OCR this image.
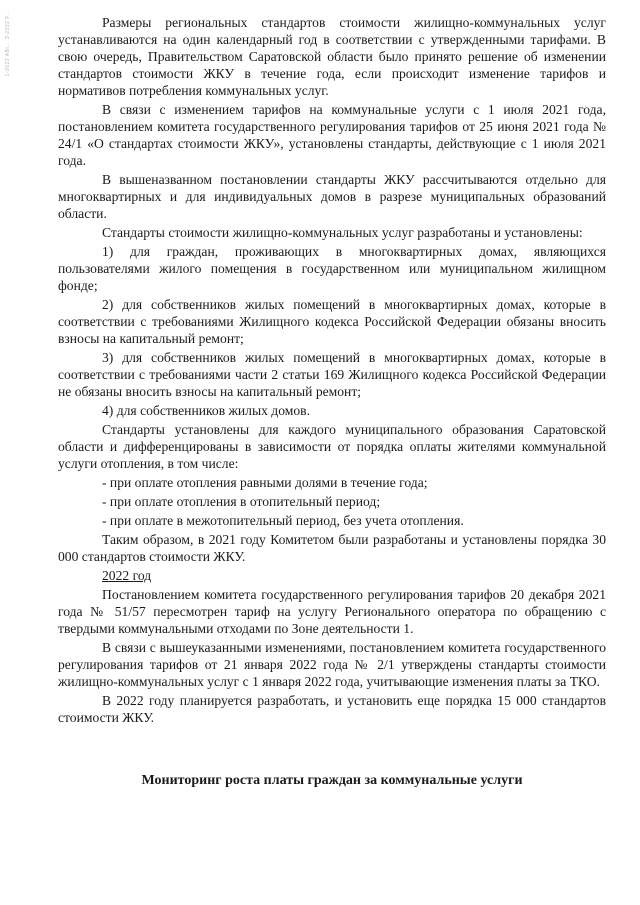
1-2022 ABI... 3-2022 F...	Размеры региональных стандартов стоимости жилищно-коммунальных услуг устанавливаются на один календарный год в соответствии с утвержденными тарифами. В свою очередь, Правительством Саратовской области было принято решение об изменении стандартов стоимости ЖКУ в течение года, если происходит изменение тарифов и нормативов потребления коммунальных услуг.

В связи с изменением тарифов на коммунальные услуги с 1 июля 2021 года, постановлением комитета государственного регулирования тарифов от 25 июня 2021 года № 24/1 «О стандартах стоимости ЖКУ», установлены стандарты, действующие с 1 июля 2021 года.

В вышеназванном постановлении стандарты ЖКУ рассчитываются отдельно для многоквартирных и для индивидуальных домов в разрезе муниципальных образований области.

Стандарты стоимости жилищно-коммунальных услуг разработаны и установлены:

1) для граждан, проживающих в многоквартирных домах, являющихся пользователями жилого помещения в государственном или муниципальном жилищном фонде;

2) для собственников жилых помещений в многоквартирных домах, которые в соответствии с требованиями Жилищного кодекса Российской Федерации обязаны вносить взносы на капитальный ремонт;

3) для собственников жилых помещений в многоквартирных домах, которые в соответствии с требованиями части 2 статьи 169 Жилищного кодекса Российской Федерации не обязаны вносить взносы на капитальный ремонт;

4) для собственников жилых домов.

Стандарты установлены для каждого муниципального образования Саратовской области и дифференцированы в зависимости от порядка оплаты жителями коммунальной услуги отопления, в том числе:

- при оплате отопления равными долями в течение года;

- при оплате отопления в отопительный период;

- при оплате в межотопительный период, без учета отопления.

Таким образом, в 2021 году Комитетом были разработаны и установлены порядка 30 000 стандартов стоимости ЖКУ.

2022 год

Постановлением комитета государственного регулирования тарифов 20 декабря 2021 года № 51/57 пересмотрен тариф на услугу Регионального оператора по обращению с твердыми коммунальными отходами по Зоне деятельности 1.

В связи с вышеуказанными изменениями, постановлением комитета государственного регулирования тарифов от 21 января 2022 года № 2/1 утверждены стандарты стоимости жилищно-коммунальных услуг с 1 января 2022 года, учитывающие изменения платы за ТКО.

В 2022 году планируется разработать, и установить еще порядка 15 000 стандартов стоимости ЖКУ.

Мониторинг роста платы граждан за коммунальные услуги
